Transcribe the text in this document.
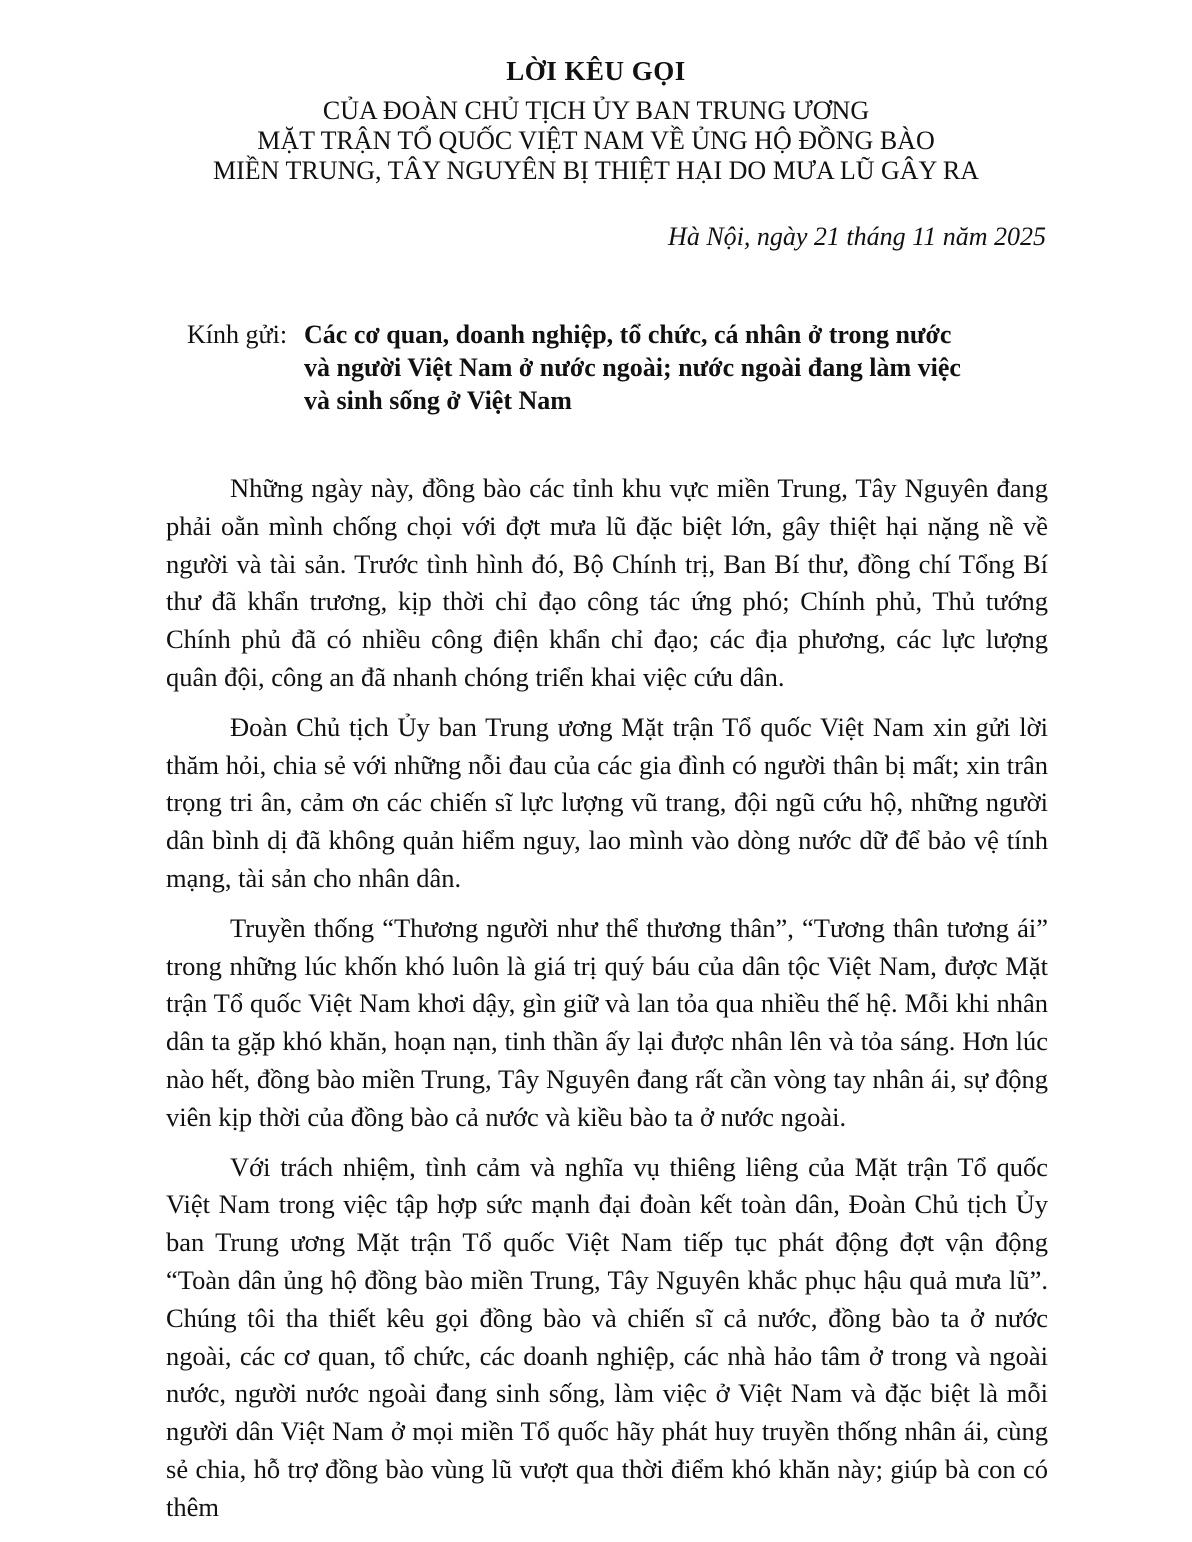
LỜI KÊU GỌI
CỦA ĐOÀN CHỦ TỊCH ỦY BAN TRUNG ƯƠNG
MẶT TRẬN TỔ QUỐC VIỆT NAM VỀ ỦNG HỘ ĐỒNG BÀO
MIỀN TRUNG, TÂY NGUYÊN BỊ THIỆT HẠI DO MƯA LŨ GÂY RA
Hà Nội, ngày 21 tháng 11 năm 2025
Kính gửi: Các cơ quan, doanh nghiệp, tổ chức, cá nhân ở trong nước
và người Việt Nam ở nước ngoài; nước ngoài đang làm việc
và sinh sống ở Việt Nam

Những ngày này, đồng bào các tỉnh khu vực miền Trung, Tây Nguyên đang phải oằn mình chống chọi với đợt mưa lũ đặc biệt lớn, gây thiệt hại nặng nề về người và tài sản. Trước tình hình đó, Bộ Chính trị, Ban Bí thư, đồng chí Tổng Bí thư đã khẩn trương, kịp thời chỉ đạo công tác ứng phó; Chính phủ, Thủ tướng Chính phủ đã có nhiều công điện khẩn chỉ đạo; các địa phương, các lực lượng quân đội, công an đã nhanh chóng triển khai việc cứu dân.

Đoàn Chủ tịch Ủy ban Trung ương Mặt trận Tổ quốc Việt Nam xin gửi lời thăm hỏi, chia sẻ với những nỗi đau của các gia đình có người thân bị mất; xin trân trọng tri ân, cảm ơn các chiến sĩ lực lượng vũ trang, đội ngũ cứu hộ, những người dân bình dị đã không quản hiểm nguy, lao mình vào dòng nước dữ để bảo vệ tính mạng, tài sản cho nhân dân.

Truyền thống “Thương người như thể thương thân”, “Tương thân tương ái” trong những lúc khốn khó luôn là giá trị quý báu của dân tộc Việt Nam, được Mặt trận Tổ quốc Việt Nam khơi dậy, gìn giữ và lan tỏa qua nhiều thế hệ. Mỗi khi nhân dân ta gặp khó khăn, hoạn nạn, tinh thần ấy lại được nhân lên và tỏa sáng. Hơn lúc nào hết, đồng bào miền Trung, Tây Nguyên đang rất cần vòng tay nhân ái, sự động viên kịp thời của đồng bào cả nước và kiều bào ta ở nước ngoài.

Với trách nhiệm, tình cảm và nghĩa vụ thiêng liêng của Mặt trận Tổ quốc Việt Nam trong việc tập hợp sức mạnh đại đoàn kết toàn dân, Đoàn Chủ tịch Ủy ban Trung ương Mặt trận Tổ quốc Việt Nam tiếp tục phát động đợt vận động “Toàn dân ủng hộ đồng bào miền Trung, Tây Nguyên khắc phục hậu quả mưa lũ”. Chúng tôi tha thiết kêu gọi đồng bào và chiến sĩ cả nước, đồng bào ta ở nước ngoài, các cơ quan, tổ chức, các doanh nghiệp, các nhà hảo tâm ở trong và ngoài nước, người nước ngoài đang sinh sống, làm việc ở Việt Nam và đặc biệt là mỗi người dân Việt Nam ở mọi miền Tổ quốc hãy phát huy truyền thống nhân ái, cùng sẻ chia, hỗ trợ đồng bào vùng lũ vượt qua thời điểm khó khăn này; giúp bà con có thêm
